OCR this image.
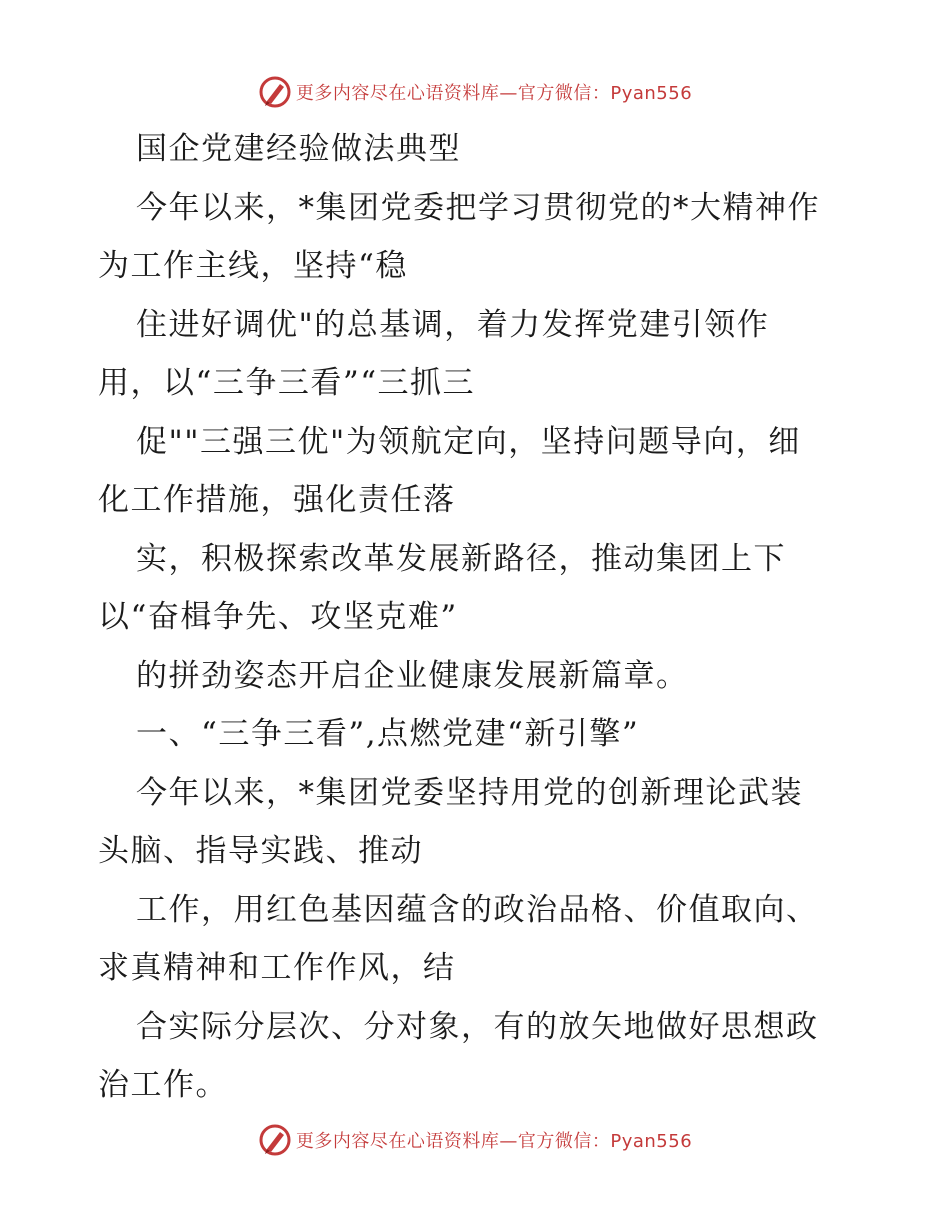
更多内容尽在心语资料库—官方微信：Pyan556
国企党建经验做法典型
今年以来，*集团党委把学习贯彻党的*大精神作
为工作主线，坚持“稳
住进好调优"的总基调，着力发挥党建引领作
用，以“三争三看”“三抓三
促""三强三优"为领航定向，坚持问题导向，细
化工作措施，强化责任落
实，积极探索改革发展新路径，推动集团上下
以“奋楫争先、攻坚克难”
的拼劲姿态开启企业健康发展新篇章。
一、“三争三看”,点燃党建“新引擎”
今年以来，*集团党委坚持用党的创新理论武装
头脑、指导实践、推动
工作，用红色基因蕴含的政治品格、价值取向、
求真精神和工作作风，结
合实际分层次、分对象，有的放矢地做好思想政
治工作。
更多内容尽在心语资料库—官方微信：Pyan556
